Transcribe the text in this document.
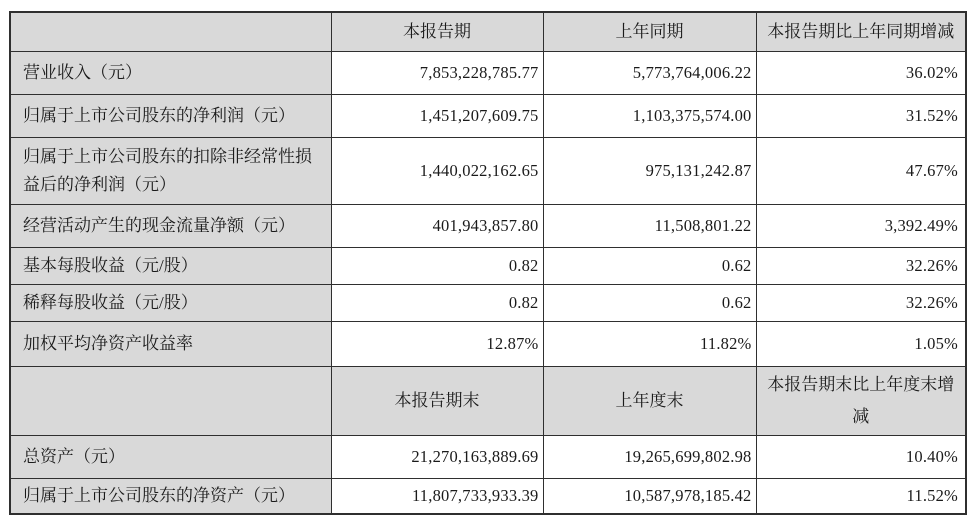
	本报告期	上年同期	本报告期比上年同期增减
营业收入（元）	7,853,228,785.77	5,773,764,006.22	36.02%
归属于上市公司股东的净利润（元）	1,451,207,609.75	1,103,375,574.00	31.52%
归属于上市公司股东的扣除非经常性损益后的净利润（元）	1,440,022,162.65	975,131,242.87	47.67%
经营活动产生的现金流量净额（元）	401,943,857.80	11,508,801.22	3,392.49%
基本每股收益（元/股）	0.82	0.62	32.26%
稀释每股收益（元/股）	0.82	0.62	32.26%
加权平均净资产收益率	12.87%	11.82%	1.05%
	本报告期末	上年度末	本报告期末比上年度末增减
总资产（元）	21,270,163,889.69	19,265,699,802.98	10.40%
归属于上市公司股东的净资产（元）	11,807,733,933.39	10,587,978,185.42	11.52%
